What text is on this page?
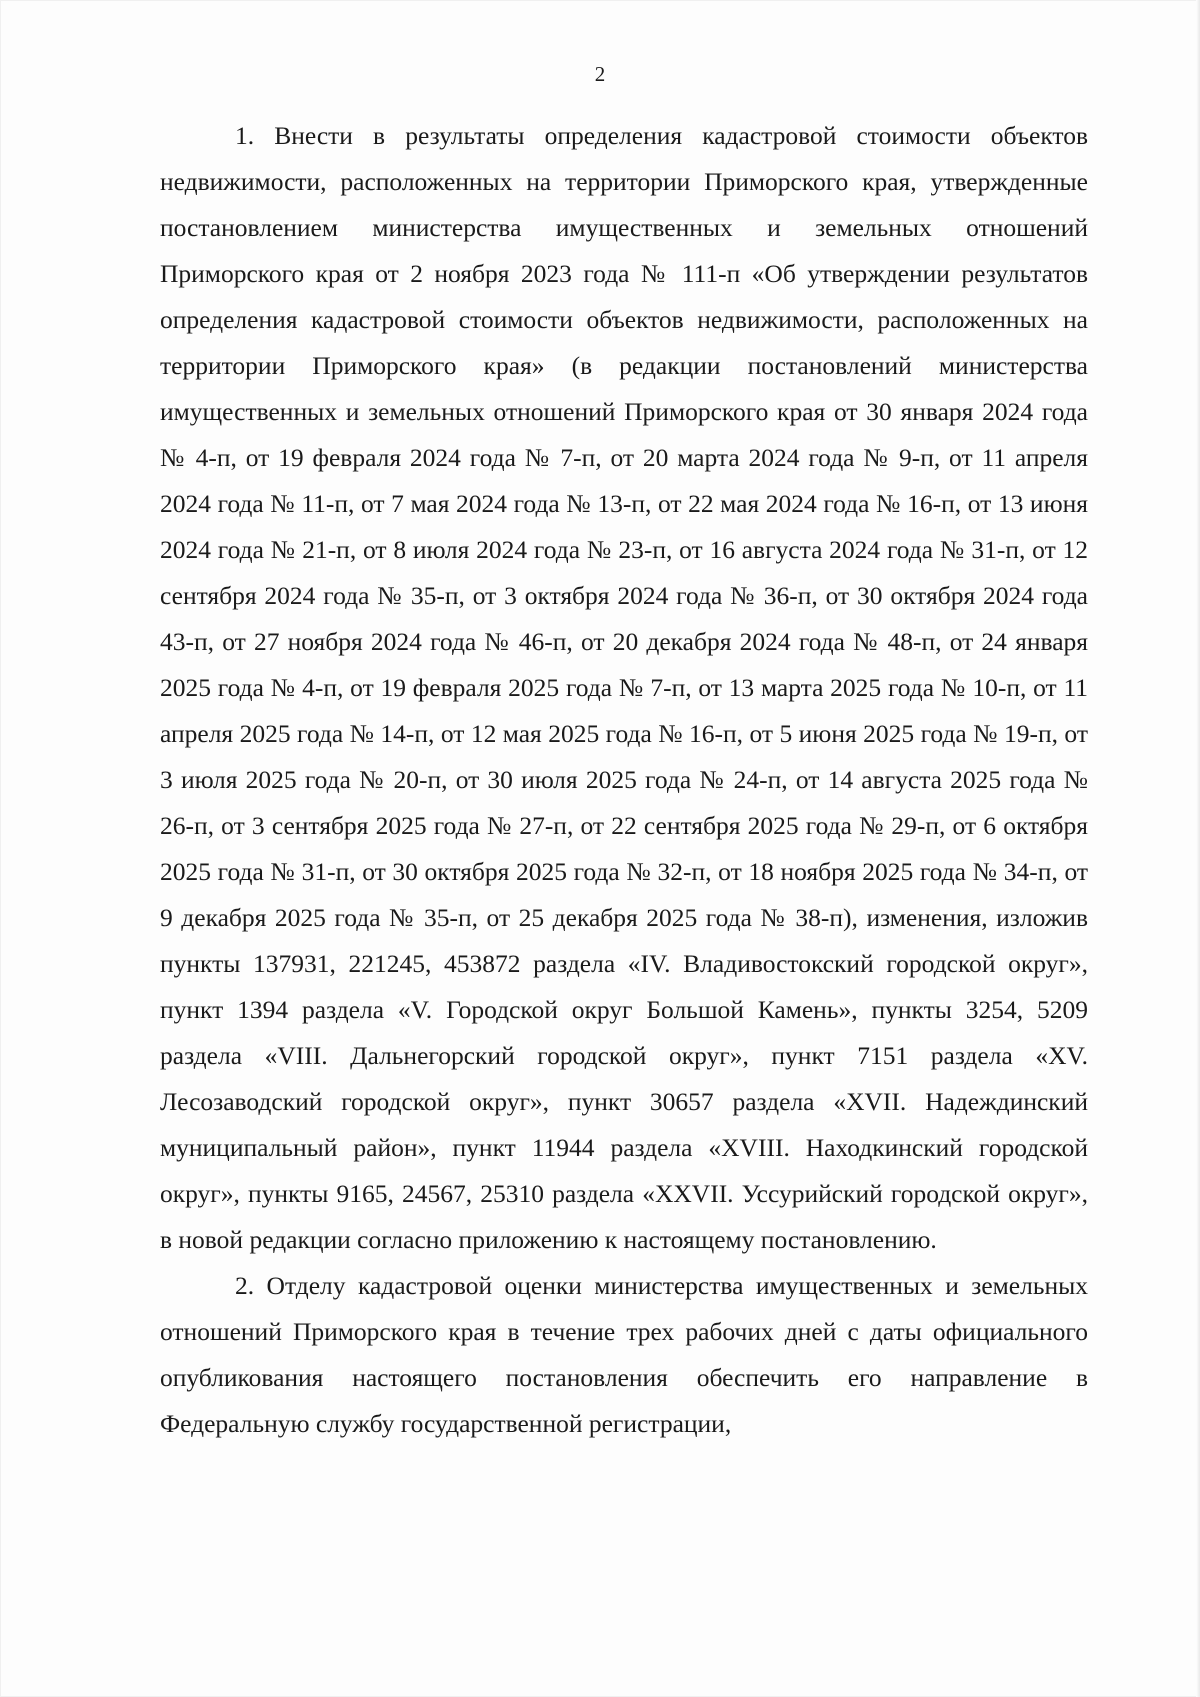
2

1. Внести в результаты определения кадастровой стоимости объектов недвижимости, расположенных на территории Приморского края, утвержденные постановлением министерства имущественных и земельных отношений Приморского края от 2 ноября 2023 года № 111-п «Об утверждении результатов определения кадастровой стоимости объектов недвижимости, расположенных на территории Приморского края» (в редакции постановлений министерства имущественных и земельных отношений Приморского края от 30 января 2024 года № 4-п, от 19 февраля 2024 года № 7-п, от 20 марта 2024 года № 9-п, от 11 апреля 2024 года № 11-п, от 7 мая 2024 года № 13-п, от 22 мая 2024 года № 16-п, от 13 июня 2024 года № 21-п, от 8 июля 2024 года № 23-п, от 16 августа 2024 года № 31-п, от 12 сентября 2024 года № 35-п, от 3 октября 2024 года № 36-п, от 30 октября 2024 года 43-п, от 27 ноября 2024 года № 46-п, от 20 декабря 2024 года № 48-п, от 24 января 2025 года № 4-п, от 19 февраля 2025 года № 7-п, от 13 марта 2025 года № 10-п, от 11 апреля 2025 года № 14-п, от 12 мая 2025 года № 16-п, от 5 июня 2025 года № 19-п, от 3 июля 2025 года № 20-п, от 30 июля 2025 года № 24-п, от 14 августа 2025 года № 26-п, от 3 сентября 2025 года № 27-п, от 22 сентября 2025 года № 29-п, от 6 октября 2025 года № 31-п, от 30 октября 2025 года № 32-п, от 18 ноября 2025 года № 34-п, от 9 декабря 2025 года № 35-п, от 25 декабря 2025 года № 38-п), изменения, изложив пункты 137931, 221245, 453872 раздела «IV. Владивостокский городской округ», пункт 1394 раздела «V. Городской округ Большой Камень», пункты 3254, 5209 раздела «VIII. Дальнегорский городской округ», пункт 7151 раздела «XV. Лесозаводский городской округ», пункт 30657 раздела «XVII. Надеждинский муниципальный район», пункт 11944 раздела «XVIII. Находкинский городской округ», пункты 9165, 24567, 25310 раздела «XXVII. Уссурийский городской округ», в новой редакции согласно приложению к настоящему постановлению.

2. Отделу кадастровой оценки министерства имущественных и земельных отношений Приморского края в течение трех рабочих дней с даты официального опубликования настоящего постановления обеспечить его направление в Федеральную службу государственной регистрации,
